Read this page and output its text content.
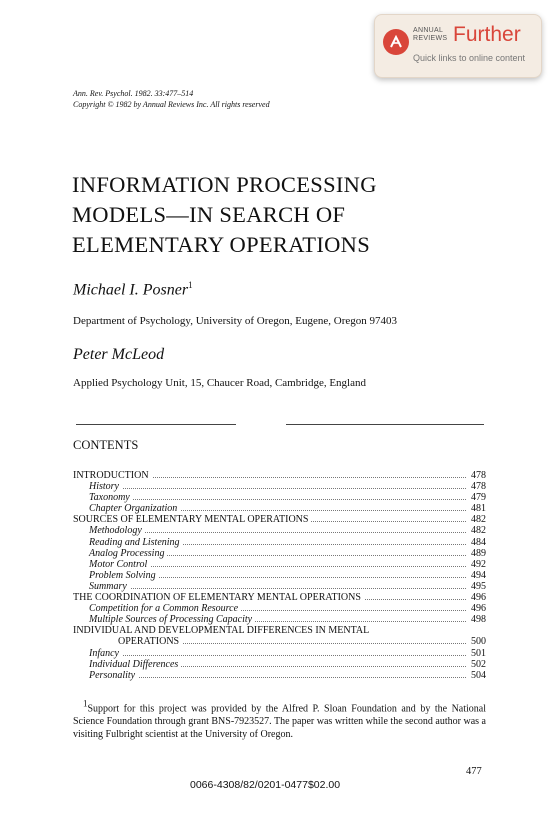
ANNUAL
REVIEWS Further
Quick links to online content
Ann. Rev. Psychol. 1982. 33:477–514
Copyright © 1982 by Annual Reviews Inc. All rights reserved
INFORMATION PROCESSING
MODELS—IN SEARCH OF
ELEMENTARY OPERATIONS
Michael I. Posner$^1$
Department of Psychology, University of Oregon, Eugene, Oregon 97403
Peter McLeod
Applied Psychology Unit, 15, Chaucer Road, Cambridge, England
CONTENTS
INTRODUCTION	478
History	478
Taxonomy	479
Chapter Organization	481
SOURCES OF ELEMENTARY MENTAL OPERATIONS	482
Methodology	482
Reading and Listening	484
Analog Processing	489
Motor Control	492
Problem Solving	494
Summary	495
THE COORDINATION OF ELEMENTARY MENTAL OPERATIONS	496
Competition for a Common Resource	496
Multiple Sources of Processing Capacity	498
INDIVIDUAL AND DEVELOPMENTAL DIFFERENCES IN MENTAL
OPERATIONS	500
Infancy	501
Individual Differences	502
Personality	504
$^1$Support for this project was provided by the Alfred P. Sloan Foundation and by the National Science Foundation through grant BNS-7923527. The paper was written while the second author was a visiting Fulbright scientist at the University of Oregon.
477
0066-4308/82/0201-0477$02.00
